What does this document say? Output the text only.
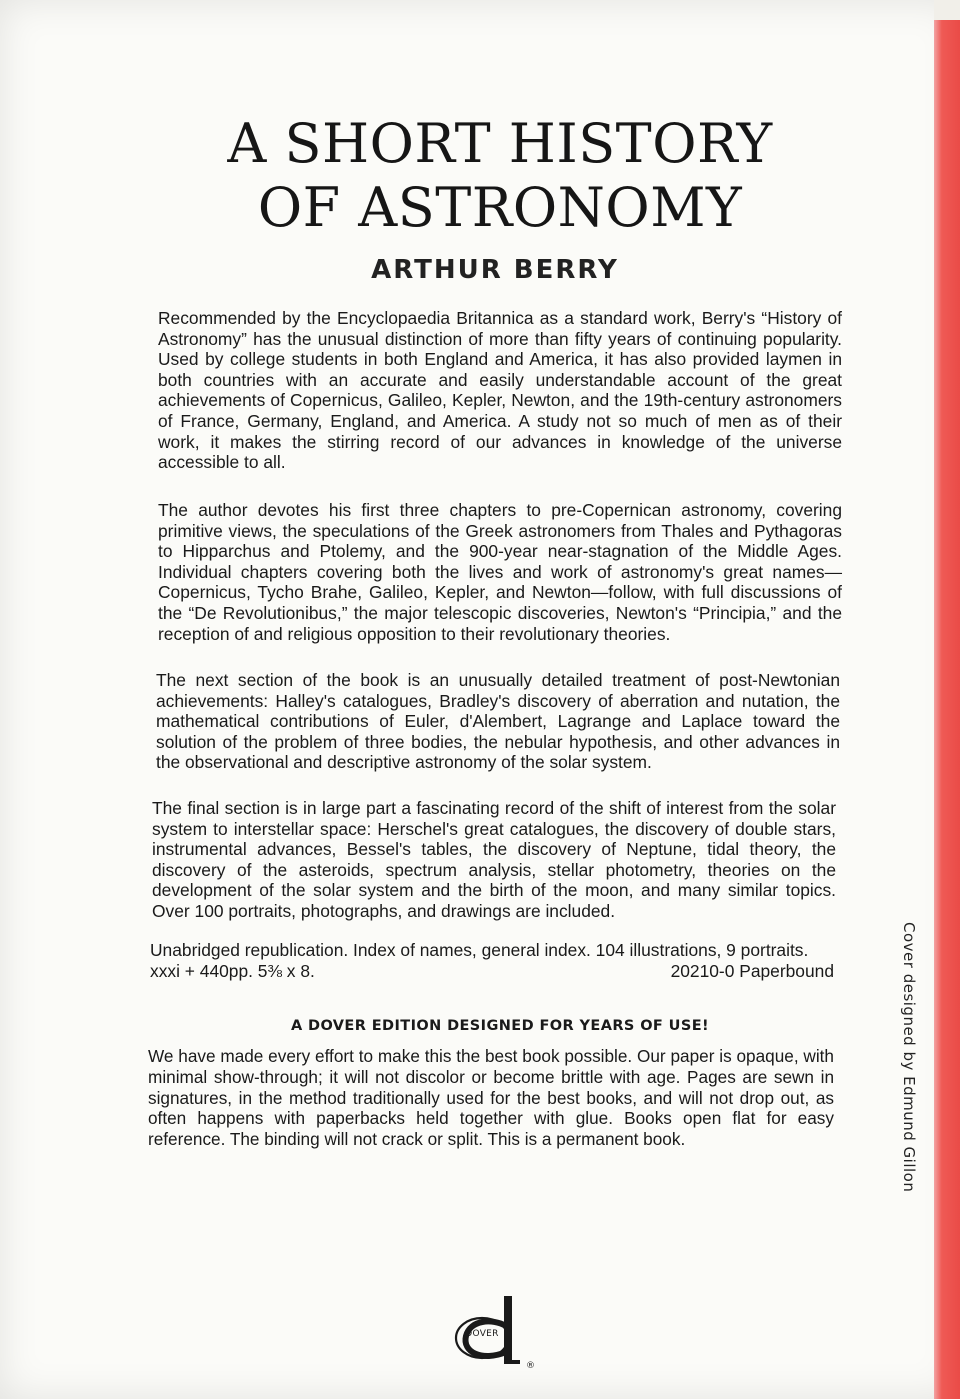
A SHORT HISTORY
OF ASTRONOMY
ARTHUR BERRY

Recommended by the Encyclopaedia Britannica as a standard work, Berry's “History of Astronomy” has the unusual distinction of more than fifty years of continuing popularity. Used by college students in both England and America, it has also provided laymen in both countries with an accurate and easily understandable account of the great achievements of Copernicus, Galileo, Kepler, Newton, and the 19th-century astronomers of France, Germany, England, and America. A study not so much of men as of their work, it makes the stirring record of our advances in knowledge of the universe accessible to all.

The author devotes his first three chapters to pre-Copernican astronomy, covering primitive views, the speculations of the Greek astronomers from Thales and Pythagoras to Hipparchus and Ptolemy, and the 900-year near-stagnation of the Middle Ages. Individual chapters covering both the lives and work of astronomy's great names—Copernicus, Tycho Brahe, Galileo, Kepler, and Newton—follow, with full discussions of the “De Revolutionibus,” the major telescopic discoveries, Newton's “Principia,” and the reception of and religious opposition to their revolutionary theories.

The next section of the book is an unusually detailed treatment of post-Newtonian achievements: Halley's catalogues, Bradley's discovery of aberration and nutation, the mathematical contributions of Euler, d'Alembert, Lagrange and Laplace toward the solution of the problem of three bodies, the nebular hypothesis, and other advances in the observational and descriptive astronomy of the solar system.

The final section is in large part a fascinating record of the shift of interest from the solar system to interstellar space: Herschel's great catalogues, the discovery of double stars, instrumental advances, Bessel's tables, the discovery of Neptune, tidal theory, the discovery of the asteroids, spectrum analysis, stellar photometry, theories on the development of the solar system and the birth of the moon, and many similar topics. Over 100 portraits, photographs, and drawings are included.

Unabridged republication. Index of names, general index. 104 illustrations, 9 portraits.
xxxi + 440pp. 5⅜ x 8.	20210-0 Paperbound
A DOVER EDITION DESIGNED FOR YEARS OF USE!
We have made every effort to make this the best book possible. Our paper is opaque, with minimal show-through; it will not discolor or become brittle with age. Pages are sewn in signatures, in the method traditionally used for the best books, and will not drop out, as often happens with paperbacks held together with glue. Books open flat for easy reference. The binding will not crack or split. This is a permanent book.	Cover designed by Edmund Gillon
®
DOVER
